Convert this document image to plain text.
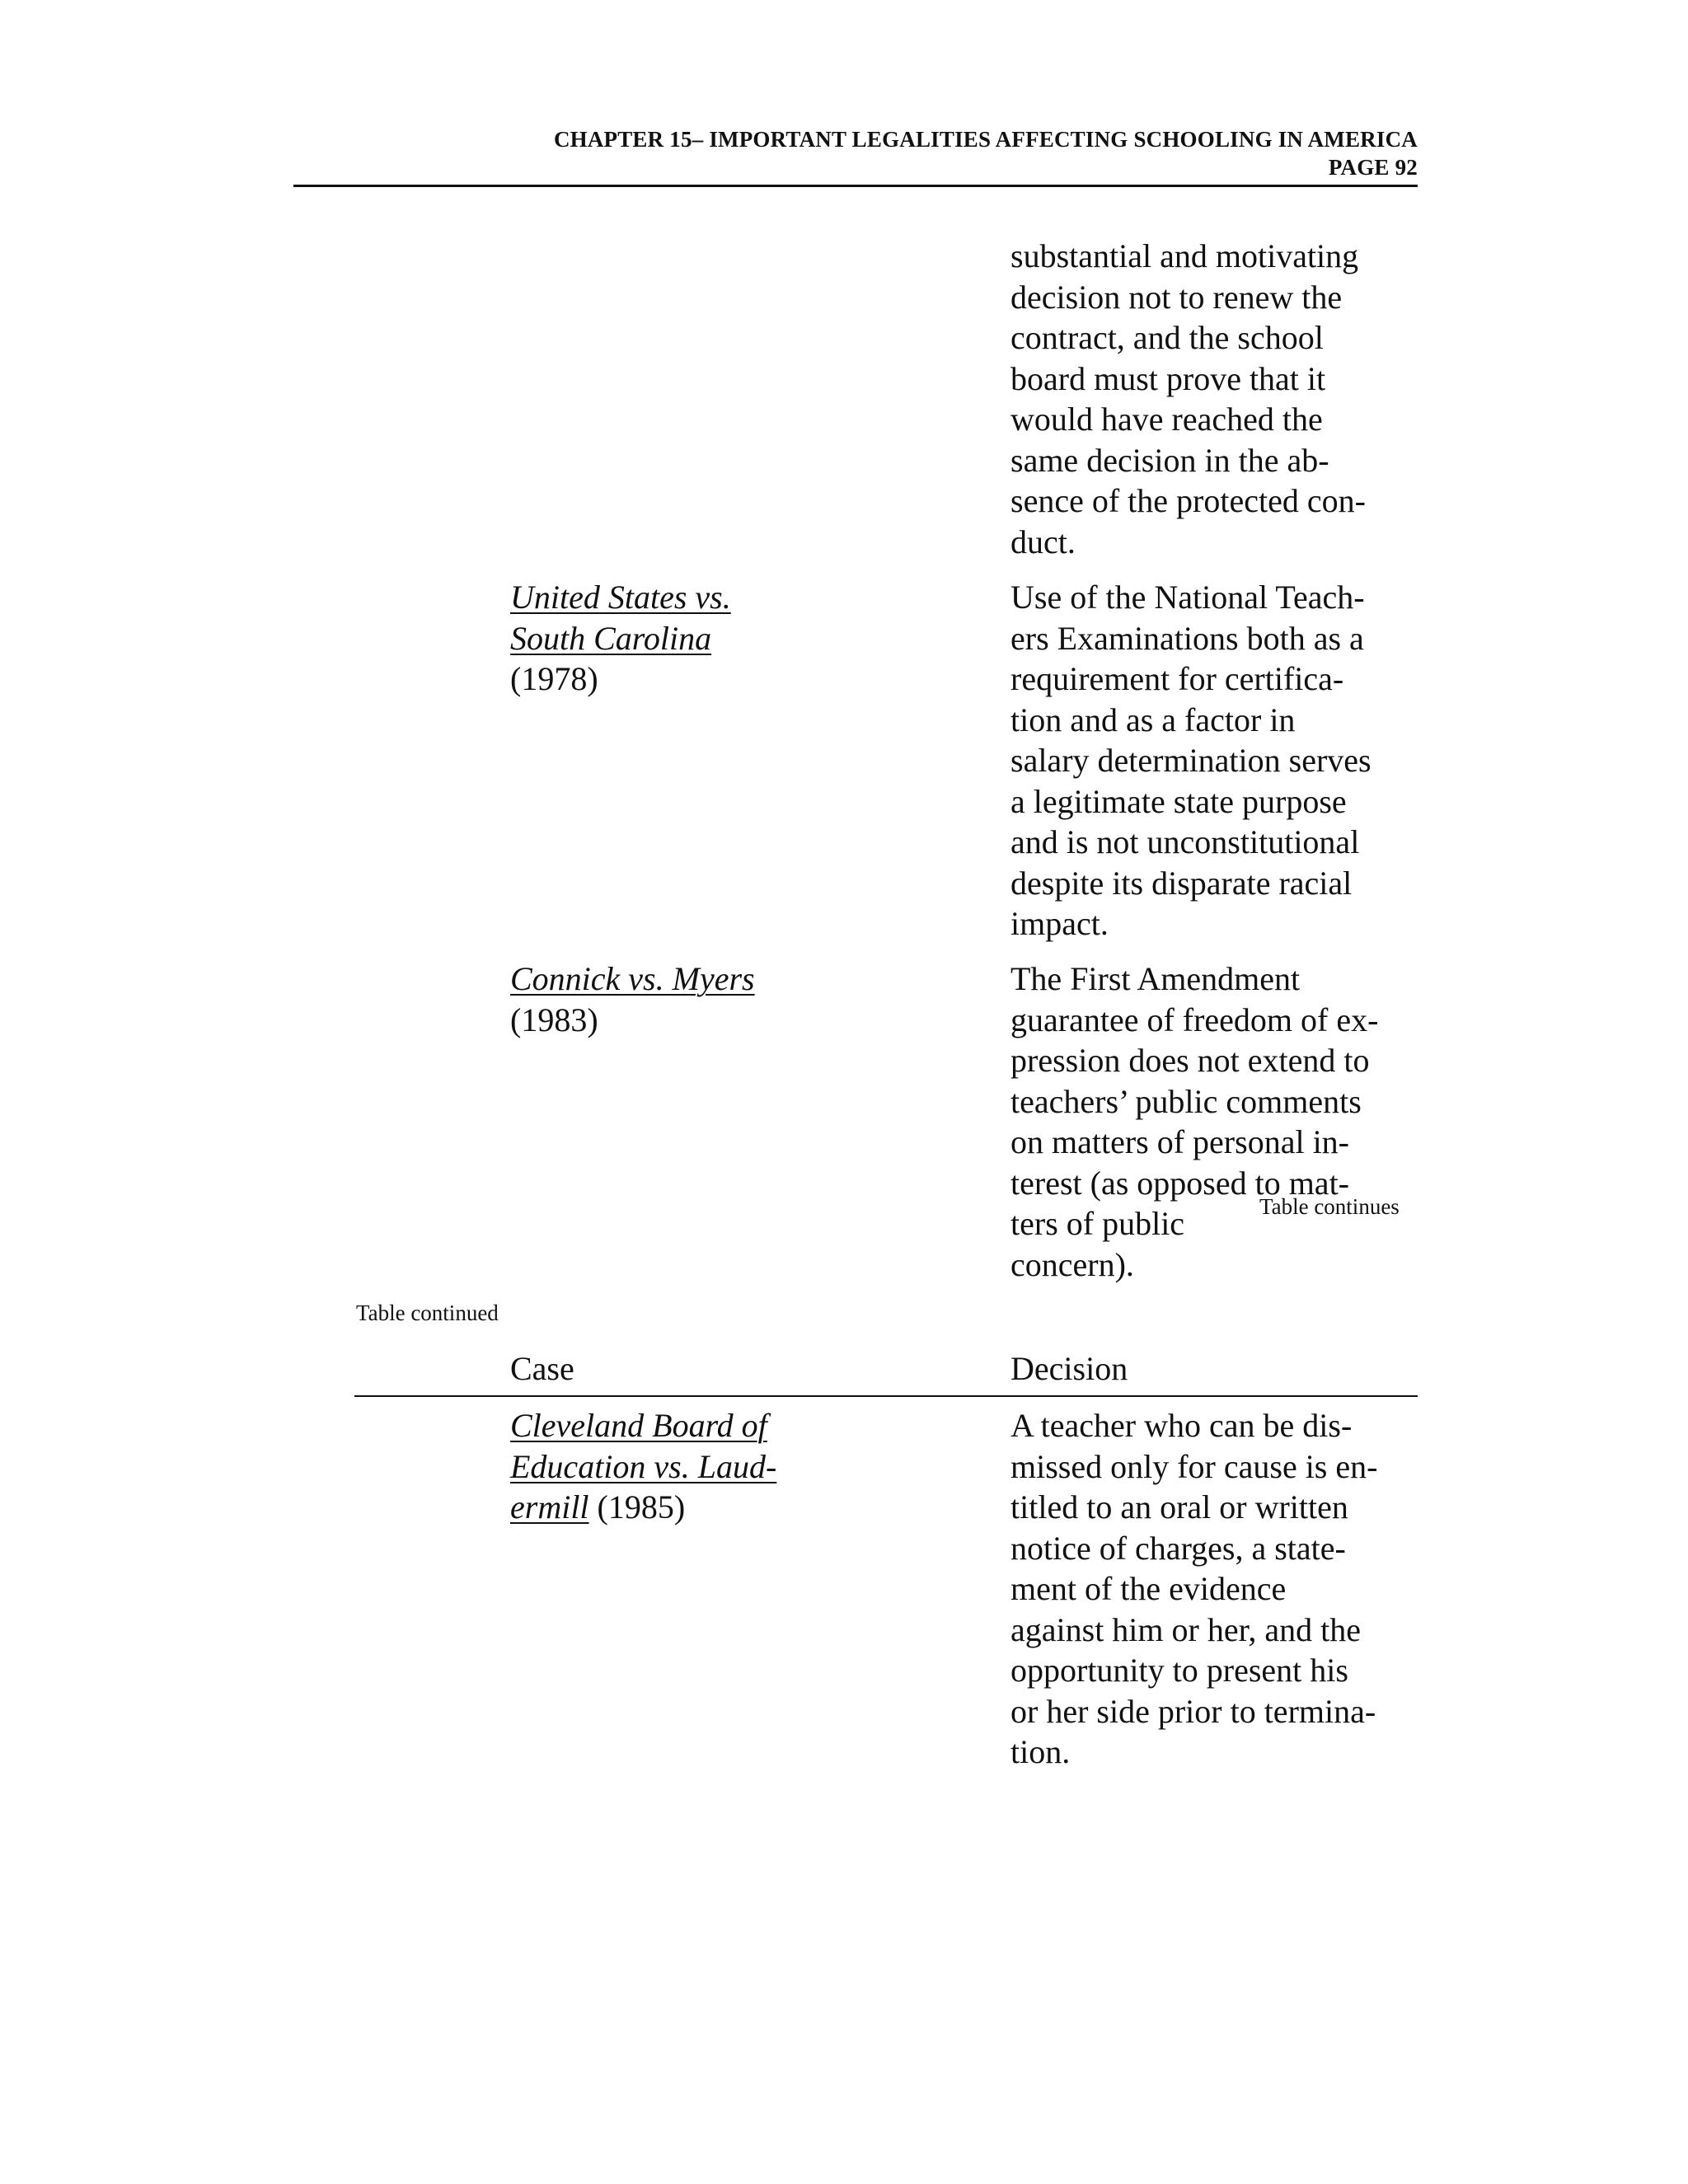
CHAPTER 15– IMPORTANT LEGALITIES AFFECTING SCHOOLING IN AMERICA
PAGE 92
substantial and motivating
decision not to renew the
contract, and the school
board must prove that it
would have reached the
same decision in the ab-
sence of the protected con-
duct.
United States vs.
South Carolina
(1978)
Use of the National Teach-
ers Examinations both as a
requirement for certifica-
tion and as a factor in
salary determination serves
a legitimate state purpose
and is not unconstitutional
despite its disparate racial
impact.
Connick vs. Myers
(1983)
The First Amendment
guarantee of freedom of ex-
pression does not extend to
teachers’ public comments
on matters of personal in-
terest (as opposed to mat-
ters of public
concern).
Table continues
Table continued
Case	Decision
Cleveland Board of
Education vs. Laud-
ermill (1985)
A teacher who can be dis-
missed only for cause is en-
titled to an oral or written
notice of charges, a state-
ment of the evidence
against him or her, and the
opportunity to present his
or her side prior to termina-
tion.
